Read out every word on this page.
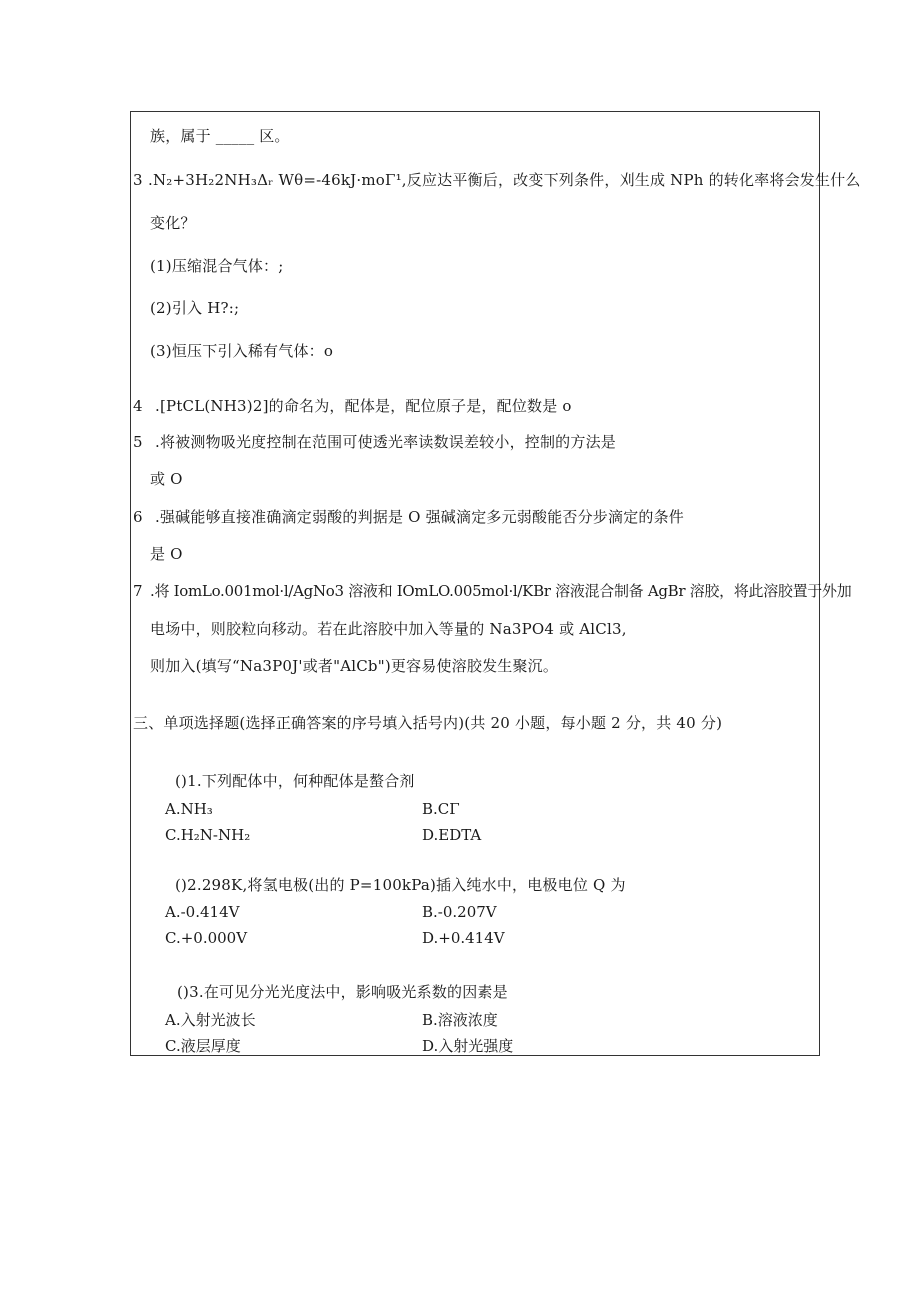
族，属于 _____ 区。
3 .N₂+3H₂2NH₃Δᵣ Wθ=-46kJ·moΓ¹,反应达平衡后，改变下列条件，刈生成 NPh 的转化率将会发生什么
变化？
(1)压缩混合气体：;
(2)引入 H?:;
(3)恒压下引入稀有气体：o
4 .[PtCL(NH3)2]的命名为，配体是，配位原子是，配位数是 o
5 .将被测物吸光度控制在范围可使透光率读数误差较小，控制的方法是
或 O
6 .强碱能够直接准确滴定弱酸的判据是 O 强碱滴定多元弱酸能否分步滴定的条件
是 O
7 .将 IomLo.001mol·l/AgNo3 溶液和 IOmLO.005mol·l/KBr 溶液混合制备 AgBr 溶胶，将此溶胶置于外加
电场中，则胶粒向移动。若在此溶胶中加入等量的 Na3PO4 或 AlCl3,
则加入(填写“Na3P0J'或者"AlCb")更容易使溶胶发生聚沉。
三、单项选择题(选择正确答案的序号填入括号内)(共 20 小题，每小题 2 分，共 40 分)
()1.下列配体中，何种配体是螯合剂
A.NH₃	B.CΓ
C.H₂N-NH₂	D.EDTA
()2.298K,将氢电极(出的 P=100kPa)插入纯水中，电极电位 Q 为
A.-0.414V	B.-0.207V
C.+0.000V	D.+0.414V
()3.在可见分光光度法中，影响吸光系数的因素是
A.入射光波长	B.溶液浓度
C.液层厚度	D.入射光强度
